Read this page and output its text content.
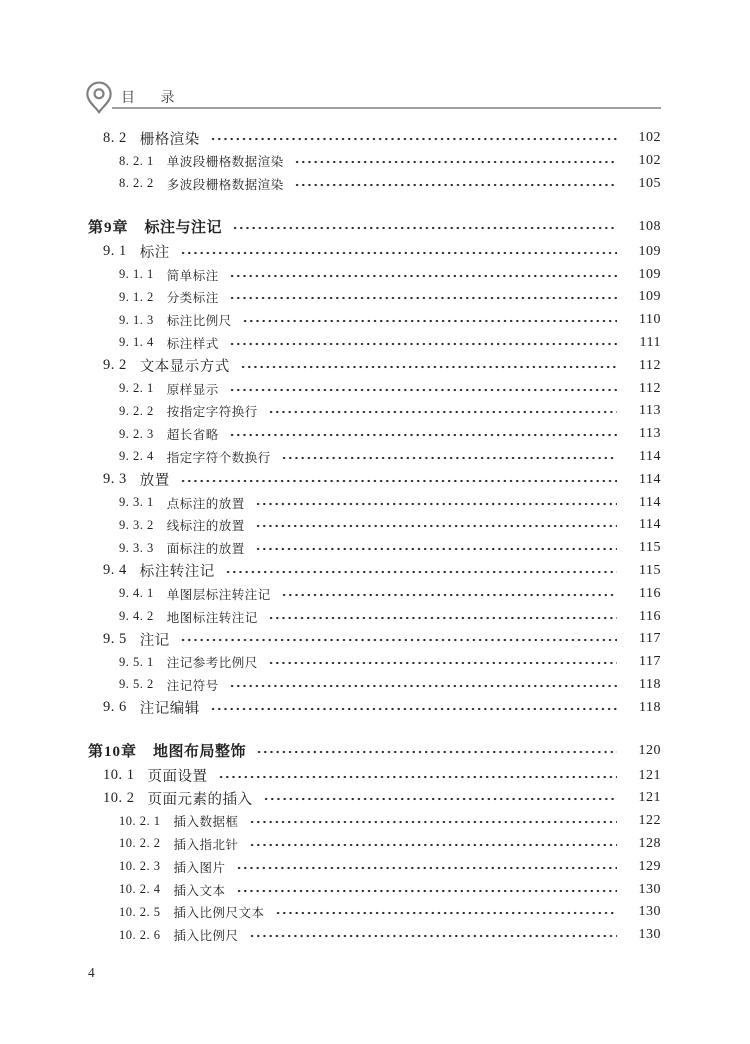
目 录
8. 2 栅格渲染	102
8. 2. 1 单波段栅格数据渲染	102
8. 2. 2 多波段栅格数据渲染	105
第9章 标注与注记	108
9. 1 标注	109
9. 1. 1 简单标注	109
9. 1. 2 分类标注	109
9. 1. 3 标注比例尺	110
9. 1. 4 标注样式	111
9. 2 文本显示方式	112
9. 2. 1 原样显示	112
9. 2. 2 按指定字符换行	113
9. 2. 3 超长省略	113
9. 2. 4 指定字符个数换行	114
9. 3 放置	114
9. 3. 1 点标注的放置	114
9. 3. 2 线标注的放置	114
9. 3. 3 面标注的放置	115
9. 4 标注转注记	115
9. 4. 1 单图层标注转注记	116
9. 4. 2 地图标注转注记	116
9. 5 注记	117
9. 5. 1 注记参考比例尺	117
9. 5. 2 注记符号	118
9. 6 注记编辑	118
第10章 地图布局整饰	120
10. 1 页面设置	121
10. 2 页面元素的插入	121
10. 2. 1 插入数据框	122
10. 2. 2 插入指北针	128
10. 2. 3 插入图片	129
10. 2. 4 插入文本	130
10. 2. 5 插入比例尺文本	130
10. 2. 6 插入比例尺	130
4
